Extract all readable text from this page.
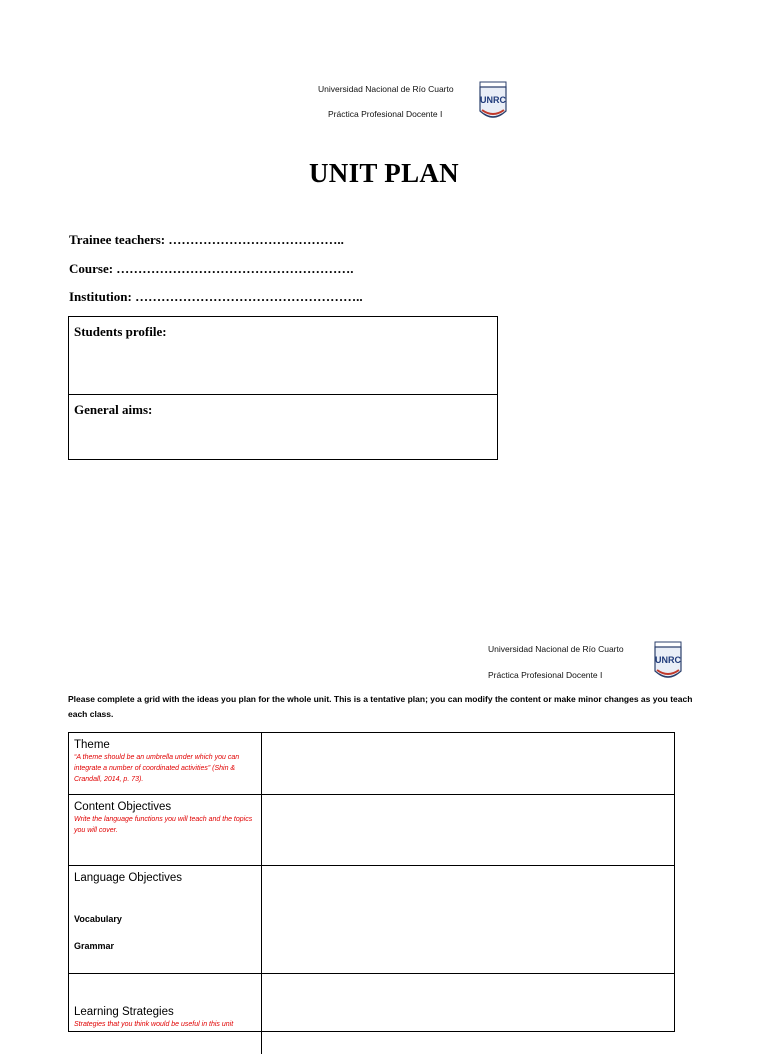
Universidad Nacional de Río Cuarto
Práctica Profesional Docente I
UNRC
UNIT PLAN
Trainee teachers: …………………………………..
Course: ……………………………………………….
Institution: ……………………………………………..
Students profile:
General aims:
Universidad Nacional de Río Cuarto
Práctica Profesional Docente I
UNRC
Please complete a grid with the ideas you plan for the whole unit. This is a tentative plan; you can modify the content or make minor changes as you teach each class.
Theme
“A theme should be an umbrella under which you can integrate a number of coordinated activities” (Shin & Crandall, 2014, p. 73).
Content Objectives
Write the language functions you will teach and the topics you will cover.
Language Objectives
Vocabulary
Grammar
Learning Strategies
Strategies that you think would be useful in this unit
